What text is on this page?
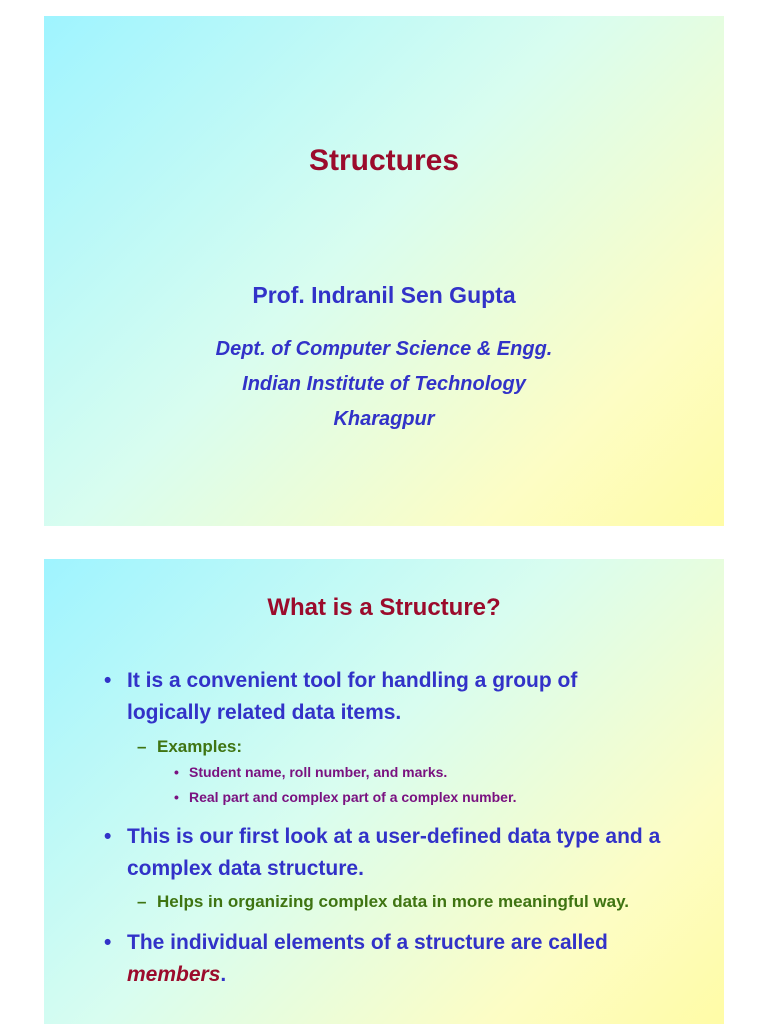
Structures
Prof. Indranil Sen Gupta
Dept. of Computer Science & Engg.
Indian Institute of Technology
Kharagpur
What is a Structure?
• It is a convenient tool for handling a group of
logically related data items.
– Examples:
• Student name, roll number, and marks.
• Real part and complex part of a complex number.
• This is our first look at a user-defined data type and a
complex data structure.
– Helps in organizing complex data in more meaningful way.
• The individual elements of a structure are called
members.
